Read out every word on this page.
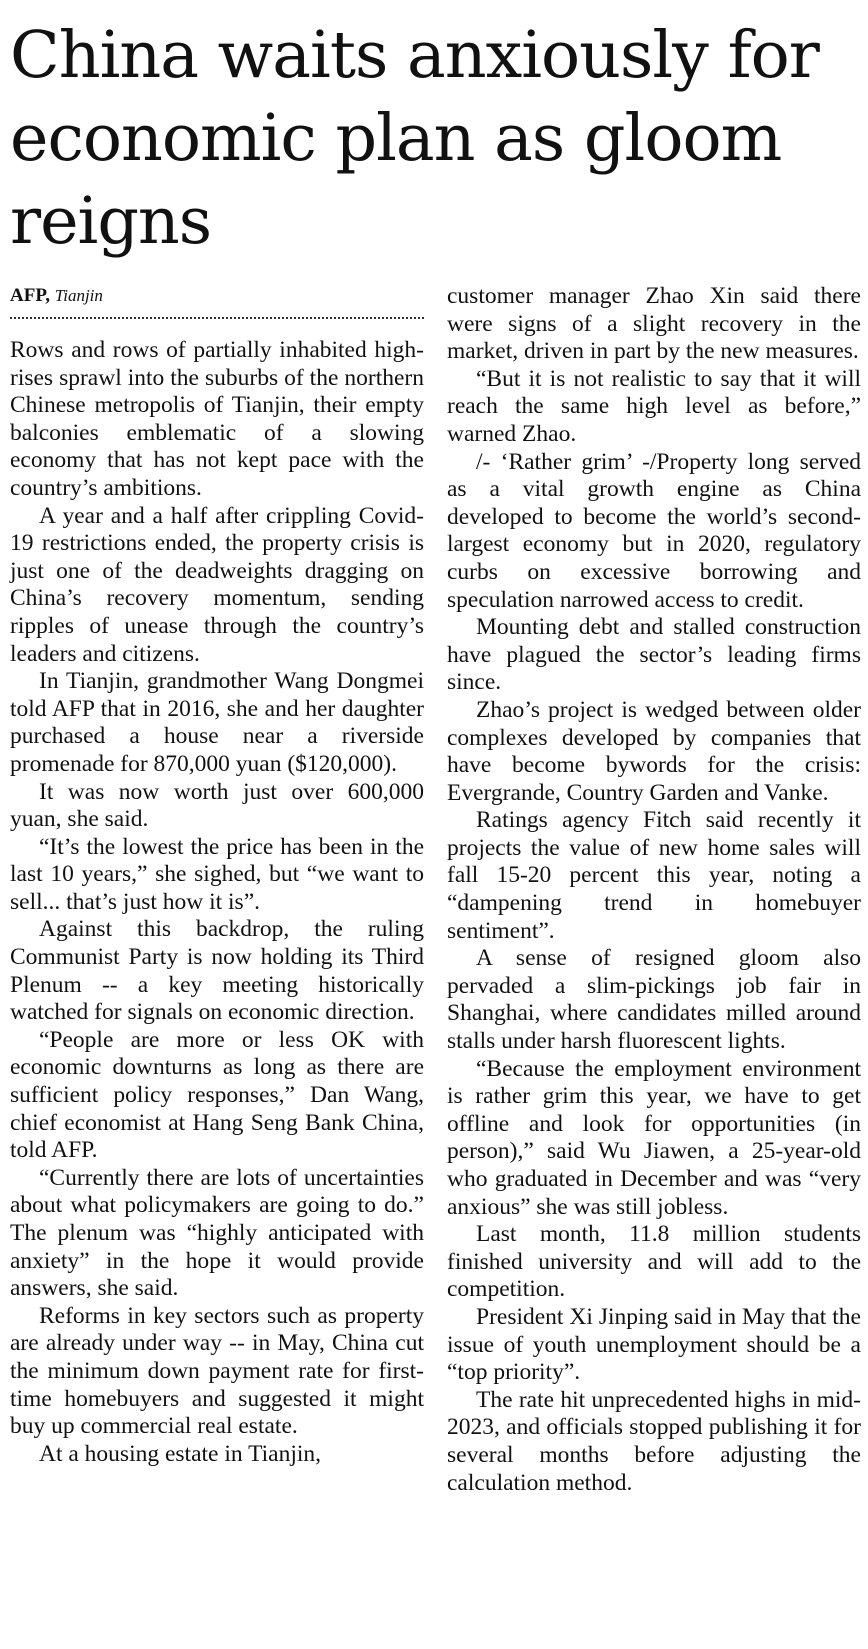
China waits anxiously for economic plan as gloom reigns
AFP, Tianjin

Rows and rows of partially inhabited high-rises sprawl into the suburbs of the northern Chinese metropolis of Tianjin, their empty balconies emblematic of a slowing economy that has not kept pace with the country’s ambitions.

A year and a half after crippling Covid-19 restrictions ended, the property crisis is just one of the deadweights dragging on China’s recovery momentum, sending ripples of unease through the country’s leaders and citizens.

In Tianjin, grandmother Wang Dongmei told AFP that in 2016, she and her daughter purchased a house near a riverside promenade for 870,000 yuan ($120,000).

It was now worth just over 600,000 yuan, she said.

“It’s the lowest the price has been in the last 10 years,” she sighed, but “we want to sell... that’s just how it is”.

Against this backdrop, the ruling Communist Party is now holding its Third Plenum -- a key meeting historically watched for signals on economic direction.

“People are more or less OK with economic downturns as long as there are sufficient policy responses,” Dan Wang, chief economist at Hang Seng Bank China, told AFP.

“Currently there are lots of uncertainties about what policymakers are going to do.” The plenum was “highly anticipated with anxiety” in the hope it would provide answers, she said.

Reforms in key sectors such as property are already under way -- in May, China cut the minimum down payment rate for first-time homebuyers and suggested it might buy up commercial real estate.

At a housing estate in Tianjin,

customer manager Zhao Xin said there were signs of a slight recovery in the market, driven in part by the new measures.

“But it is not realistic to say that it will reach the same high level as before,” warned Zhao.

/- ‘Rather grim’ -/Property long served as a vital growth engine as China developed to become the world’s second-largest economy but in 2020, regulatory curbs on excessive borrowing and speculation narrowed access to credit.

Mounting debt and stalled construction have plagued the sector’s leading firms since.

Zhao’s project is wedged between older complexes developed by companies that have become bywords for the crisis: Evergrande, Country Garden and Vanke.

Ratings agency Fitch said recently it projects the value of new home sales will fall 15-20 percent this year, noting a “dampening trend in homebuyer sentiment”.

A sense of resigned gloom also pervaded a slim-pickings job fair in Shanghai, where candidates milled around stalls under harsh fluorescent lights.

“Because the employment environment is rather grim this year, we have to get offline and look for opportunities (in person),” said Wu Jiawen, a 25-year-old who graduated in December and was “very anxious” she was still jobless.

Last month, 11.8 million students finished university and will add to the competition.

President Xi Jinping said in May that the issue of youth unemployment should be a “top priority”.

The rate hit unprecedented highs in mid-2023, and officials stopped publishing it for several months before adjusting the calculation method.
